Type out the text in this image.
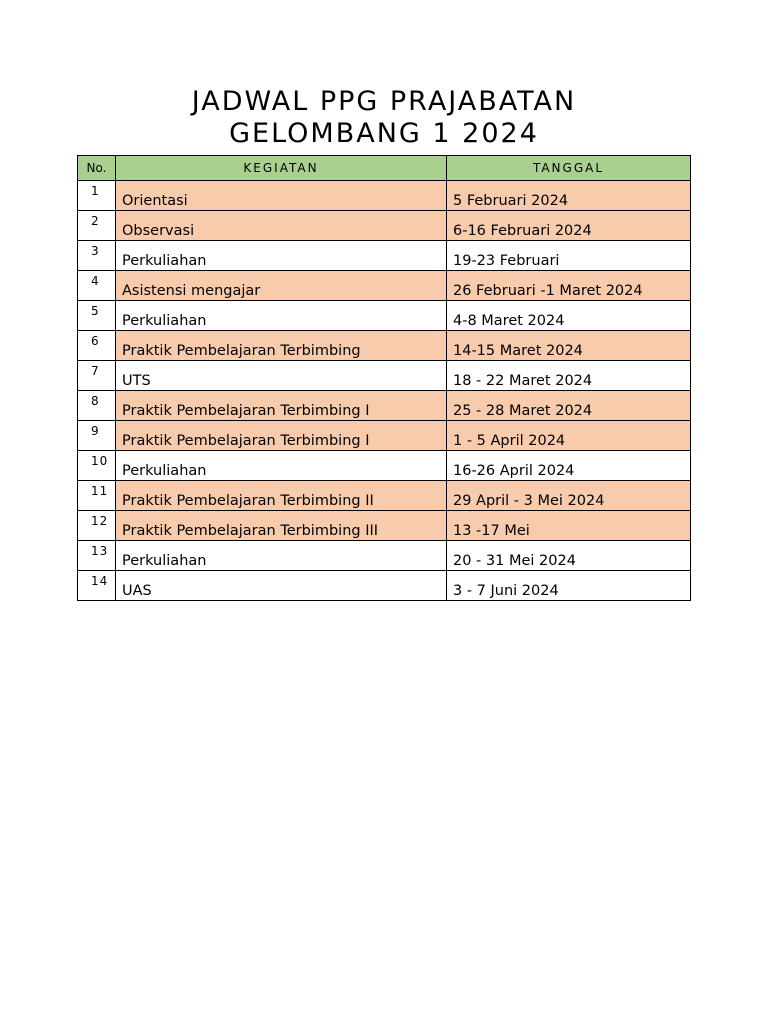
JADWAL PPG PRAJABATAN
GELOMBANG 1 2024
No.	KEGIATAN	TANGGAL
1	Orientasi	5 Februari 2024
2	Observasi	6-16 Februari 2024
3	Perkuliahan	19-23 Februari
4	Asistensi mengajar	26 Februari -1 Maret 2024
5	Perkuliahan	4-8 Maret 2024
6	Praktik Pembelajaran Terbimbing	14-15 Maret 2024
7	UTS	18 - 22 Maret 2024
8	Praktik Pembelajaran Terbimbing I	25 - 28 Maret 2024
9	Praktik Pembelajaran Terbimbing I	1 - 5 April 2024
10	Perkuliahan	16-26 April 2024
11	Praktik Pembelajaran Terbimbing II	29 April - 3 Mei 2024
12	Praktik Pembelajaran Terbimbing III	13 -17 Mei
13	Perkuliahan	20 - 31 Mei 2024
14	UAS	3 - 7 Juni 2024
